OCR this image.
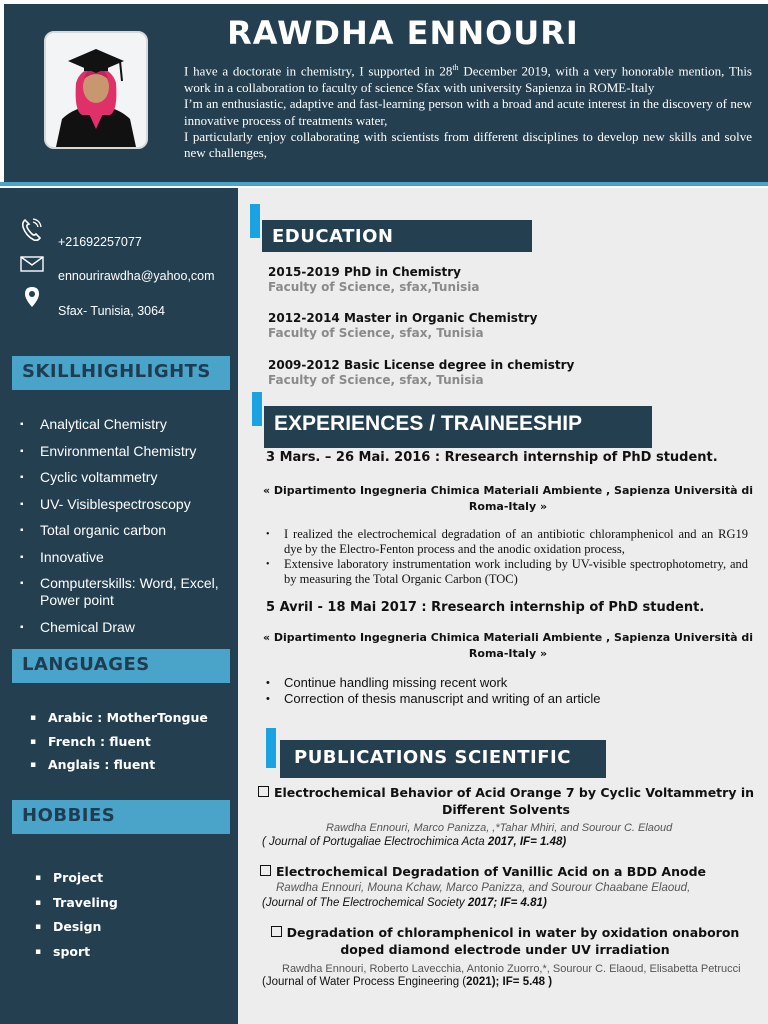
RAWDHA ENNOURI

I have a doctorate in chemistry, I supported in 28th December 2019, with a very honorable mention, This work in a collaboration to faculty of science Sfax with university Sapienza in ROME-Italy

I’m an enthusiastic, adaptive and fast-learning person with a broad and acute interest in the discovery of new innovative process of treatments water,

I particularly enjoy collaborating with scientists from different disciplines to develop new skills and solve new challenges,

+21692257077
ennourirawdha@yahoo,com
Sfax- Tunisia, 3064
SKILLHIGHLIGHTS
▪ Analytical Chemistry
▪ Environmental Chemistry
▪ Cyclic voltammetry
▪ UV- Visiblespectroscopy
▪ Total organic carbon
▪ Innovative
▪ Computerskills: Word, Excel, Power point
▪ Chemical Draw
LANGUAGES
▪ Arabic : MotherTongue
▪ French : fluent
▪ Anglais : fluent
HOBBIES
▪ Project
▪ Traveling
▪ Design
▪ sport
EDUCATION
2015-2019 PhD in Chemistry
Faculty of Science, sfax,Tunisia
2012-2014 Master in Organic Chemistry
Faculty of Science, sfax, Tunisia
2009-2012 Basic License degree in chemistry
Faculty of Science, sfax, Tunisia
EXPERIENCES / TRAINEESHIP
3 Mars. – 26 Mai. 2016 : Rresearch internship of PhD student.
« Dipartimento Ingegneria Chimica Materiali Ambiente , Sapienza Università di Roma-Italy »
• I realized the electrochemical degradation of an antibiotic chloramphenicol and an RG19 dye by the Electro-Fenton process and the anodic oxidation process,
• Extensive laboratory instrumentation work including by UV-visible spectrophotometry, and by measuring the Total Organic Carbon (TOC)
5 Avril - 18 Mai 2017 : Rresearch internship of PhD student.
« Dipartimento Ingegneria Chimica Materiali Ambiente , Sapienza Università di Roma-Italy »
• Continue handling missing recent work
• Correction of thesis manuscript and writing of an article
PUBLICATIONS SCIENTIFIC
Electrochemical Behavior of Acid Orange 7 by Cyclic Voltammetry in Different Solvents
Rawdha Ennouri, Marco Panizza, ,*Tahar Mhiri, and Sourour C. Elaoud
( Journal of Portugaliae Electrochimica Acta 2017, IF= 1.48)
Electrochemical Degradation of Vanillic Acid on a BDD Anode
Rawdha Ennouri, Mouna Kchaw, Marco Panizza, and Sourour Chaabane Elaoud,
(Journal of The Electrochemical Society 2017; IF= 4.81)
Degradation of chloramphenicol in water by oxidation onaboron doped diamond electrode under UV irradiation
Rawdha Ennouri, Roberto Lavecchia, Antonio Zuorro,*, Sourour C. Elaoud, Elisabetta Petrucci
(Journal of Water Process Engineering (2021); IF= 5.48 )
